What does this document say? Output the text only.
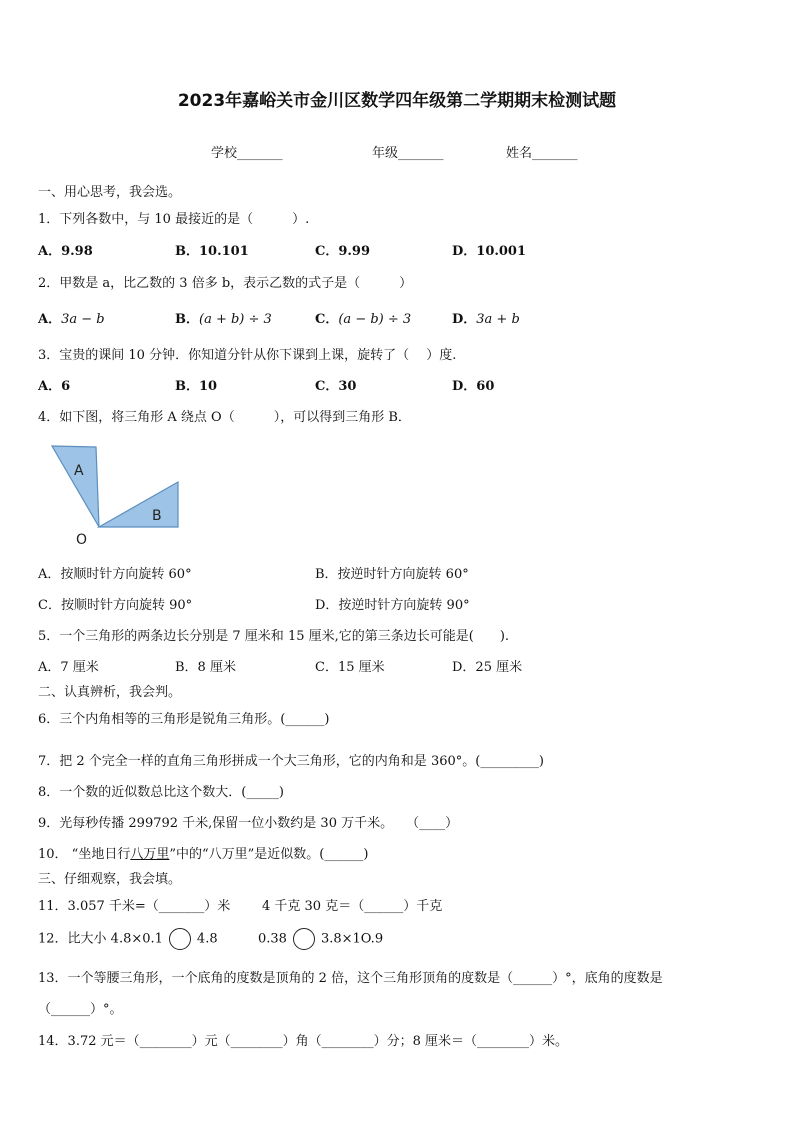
2023年嘉峪关市金川区数学四年级第二学期期末检测试题
学校_______	年级_______	姓名_______
一、用心思考，我会选。
1．下列各数中，与 10 最接近的是（　　　）.
A．9.98	B．10.101	C．9.99	D．10.001
2．甲数是 a，比乙数的 3 倍多 b，表示乙数的式子是（　　　）
A．3a − b	B．(a + b) ÷ 3	C．(a − b) ÷ 3	D．3a + b
3．宝贵的课间 10 分钟．你知道分针从你下课到上课，旋转了（　 ）度.
A．6	B．10	C．30	D．60
4．如下图，将三角形 A 绕点 O（　　　），可以得到三角形 B．
A
B
O
A．按顺时针方向旋转 60°	B．按逆时针方向旋转 60°
C．按顺时针方向旋转 90°	D．按逆时针方向旋转 90°
5．一个三角形的两条边长分别是 7 厘米和 15 厘米,它的第三条边长可能是(　　).
A．7 厘米	B．8 厘米	C．15 厘米	D．25 厘米
二、认真辨析，我会判。
6．三个内角相等的三角形是锐角三角形。(______)
7．把 2 个完全一样的直角三角形拼成一个大三角形，它的内角和是 360°。(_________)
8．一个数的近似数总比这个数大．(_____)
9．光每秒传播 299792 千米,保留一位小数约是 30 万千米。　　（____）
10． “坐地日行八万里”中的“八万里”是近似数。(______)
三、仔细观察，我会填。
11．3.057 千米=（_______）米 4 千克 30 克＝（______）千克
12．比大小 4.8×0.1	4.8	0.38	3.8×1O.9
13．一个等腰三角形，一个底角的度数是顶角的 2 倍，这个三角形顶角的度数是（______）°，底角的度数是
（______）°。
14．3.72 元＝（________）元（________）角（________）分；8 厘米＝（________）米。
